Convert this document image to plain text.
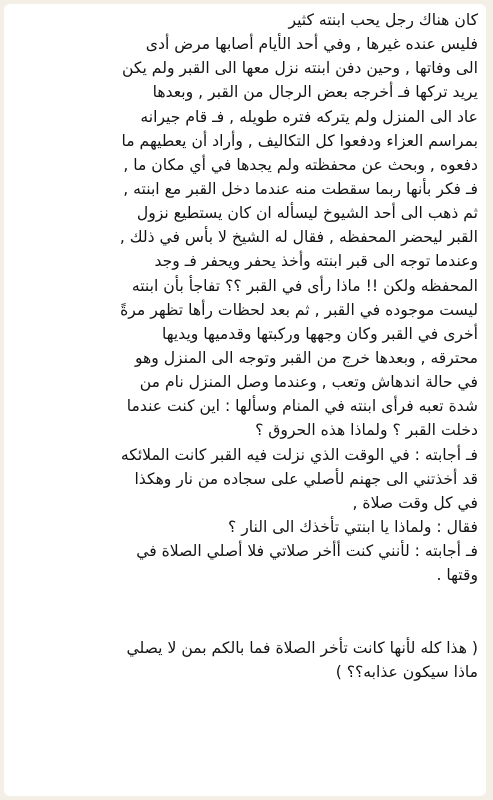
كان هناك رجل يحب ابنته كثير
فليس عنده غيرها , وفي أحد الأيام أصابها مرض أدى
الى وفاتها , وحين دفن ابنته نزل معها الى القبر ولم يكن
يريد تركها فـ أخرجه بعض الرجال من القبر , وبعدها
عاد الى المنزل ولم يتركه فتره طويله , فـ قام جيرانه
بمراسم العزاء ودفعوا كل التكاليف , وأراد أن يعطيهم ما
دفعوه , وبحث عن محفظته ولم يجدها في أي مكان ما ,
فـ فكر بأنها ربما سقطت منه عندما دخل القبر مع ابنته ,
ثم ذهب الى أحد الشيوخ ليسأله ان كان يستطيع نزول
القبر ليحضر المحفظه , فقال له الشيخ لا بأس في ذلك ,
وعندما توجه الى قبر ابنته وأخذ يحفر ويحفر فـ وجد
المحفظه ولكن !! ماذا رأى في القبر ؟؟ تفاجأ بأن ابنته
ليست موجوده في القبر , ثم بعد لحظات رأها تظهر مرةً
أخرى في القبر وكان وجهها وركبتها وقدميها ويديها
محترقه , وبعدها خرج من القبر وتوجه الى المنزل وهو
في حالة اندهاش وتعب , وعندما وصل المنزل نام من
شدة تعبه فرأى ابنته في المنام وسألها : اين كنت عندما
دخلت القبر ؟ ولماذا هذه الحروق ؟
فـ أجابته : في الوقت الذي نزلت فيه القبر كانت الملائكه
قد أخذتني الى جهنم لأصلي على سجاده من نار وهكذا
في كل وقت صلاة ,
فقال : ولماذا يا ابنتي تأخذك الى النار ؟
فـ أجابته : لأنني كنت أأخر صلاتي فلا أصلي الصلاة في
وقتها .
( هذا كله لأنها كانت تأخر الصلاة فما بالكم بمن لا يصلي
ماذا سيكون عذابه؟؟ )
